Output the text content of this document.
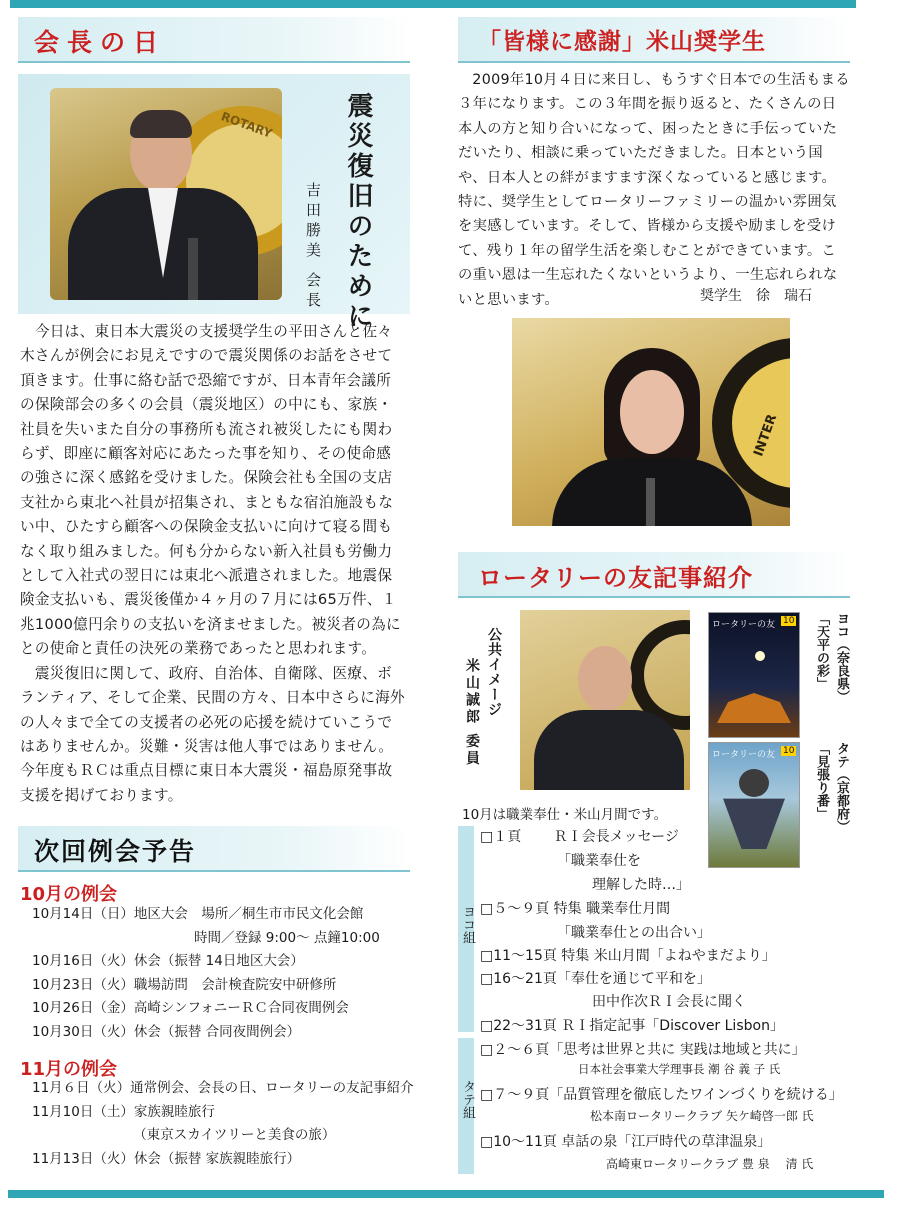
会長の日
ROTARY	震災復旧のために
吉田勝美 会長
　今日は、東日本大震災の支援奨学生の平田さんと佐々木さんが例会にお見えですので震災関係のお話をさせて頂きます。仕事に絡む話で恐縮ですが、日本青年会議所の保険部会の多くの会員（震災地区）の中にも、家族・社員を失いまた自分の事務所も流され被災したにも関わらず、即座に顧客対応にあたった事を知り、その使命感の強さに深く感銘を受けました。保険会社も全国の支店支社から東北へ社員が招集され、まともな宿泊施設もない中、ひたすら顧客への保険金支払いに向けて寝る間もなく取り組みました。何も分からない新入社員も労働力として入社式の翌日には東北へ派遣されました。地震保険金支払いも、震災後僅か４ヶ月の７月には65万件、１兆1000億円余りの支払いを済ませました。被災者の為にとの使命と責任の決死の業務であったと思われます。
　震災復旧に関して、政府、自治体、自衛隊、医療、ボランティア、そして企業、民間の方々、日本中さらに海外の人々まで全ての支援者の必死の応援を続けていこうではありませんか。災難・災害は他人事ではありません。今年度もＲＣは重点目標に東日本大震災・福島原発事故支援を掲げております。
次回例会予告
10月の例会
10月14日（日）地区大会　場所／桐生市市民文化会館
　　　　　　　　　　　　時間／登録 9:00～ 点鐘10:00
10月16日（火）休会（振替 14日地区大会）
10月23日（火）職場訪問　会計検査院安中研修所
10月26日（金）高崎シンフォニーＲＣ合同夜間例会
10月30日（火）休会（振替 合同夜間例会）
11月の例会
11月６日（火）通常例会、会長の日、ロータリーの友記事紹介
11月10日（土）家族親睦旅行
　　　　　　　　（東京スカイツリーと美食の旅）
11月13日（火）休会（振替 家族親睦旅行）
「皆様に感謝」米山奨学生
2009年10月４日に来日し、もうすぐ日本での生活もまる３年になります。この３年間を振り返ると、たくさんの日本人の方と知り合いになって、困ったときに手伝っていただいたり、相談に乗っていただきました。日本という国や、日本人との絆がますます深くなっていると感じます。特に、奨学生としてロータリーファミリーの温かい雰囲気を実感しています。そして、皆様から支援や励ましを受けて、残り１年の留学生活を楽しむことができています。この重い恩は一生忘れたくないというより、一生忘れられないと思います。	奨学生　徐　瑞石
INTER
ロータリーの友記事紹介
公共イメージ
米山誠郎 委員
ロータリーの友 10
ロータリーの友 10
ヨコ（奈良県）
「天平の彩」
タテ（京都府）
「見張り番」
10月は職業奉仕・米山月間です。
ヨコ組
タテ組
□１頁　　 ＲＩ会長メッセージ
　　　　　　「職業奉仕を
　　　　　　　　理解した時…」
□５～９頁 特集 職業奉仕月間
　　　　　　「職業奉仕との出合い」
□11～15頁 特集 米山月間「よねやまだより」
□16～21頁「奉仕を通じて平和を」
　　　　　　　　田中作次ＲＩ会長に聞く
□22～31頁 ＲＩ指定記事「Discover Lisbon」
□２～６頁「思考は世界と共に 実践は地域と共に」
日本社会事業大学理事長 潮 谷 義 子 氏
□７～９頁「品質管理を徹底したワインづくりを続ける」
松本南ロータリークラブ 矢ケ崎啓一郎 氏
□10～11頁 卓話の泉「江戸時代の草津温泉」
高崎東ロータリークラブ 豊 泉　 清 氏
